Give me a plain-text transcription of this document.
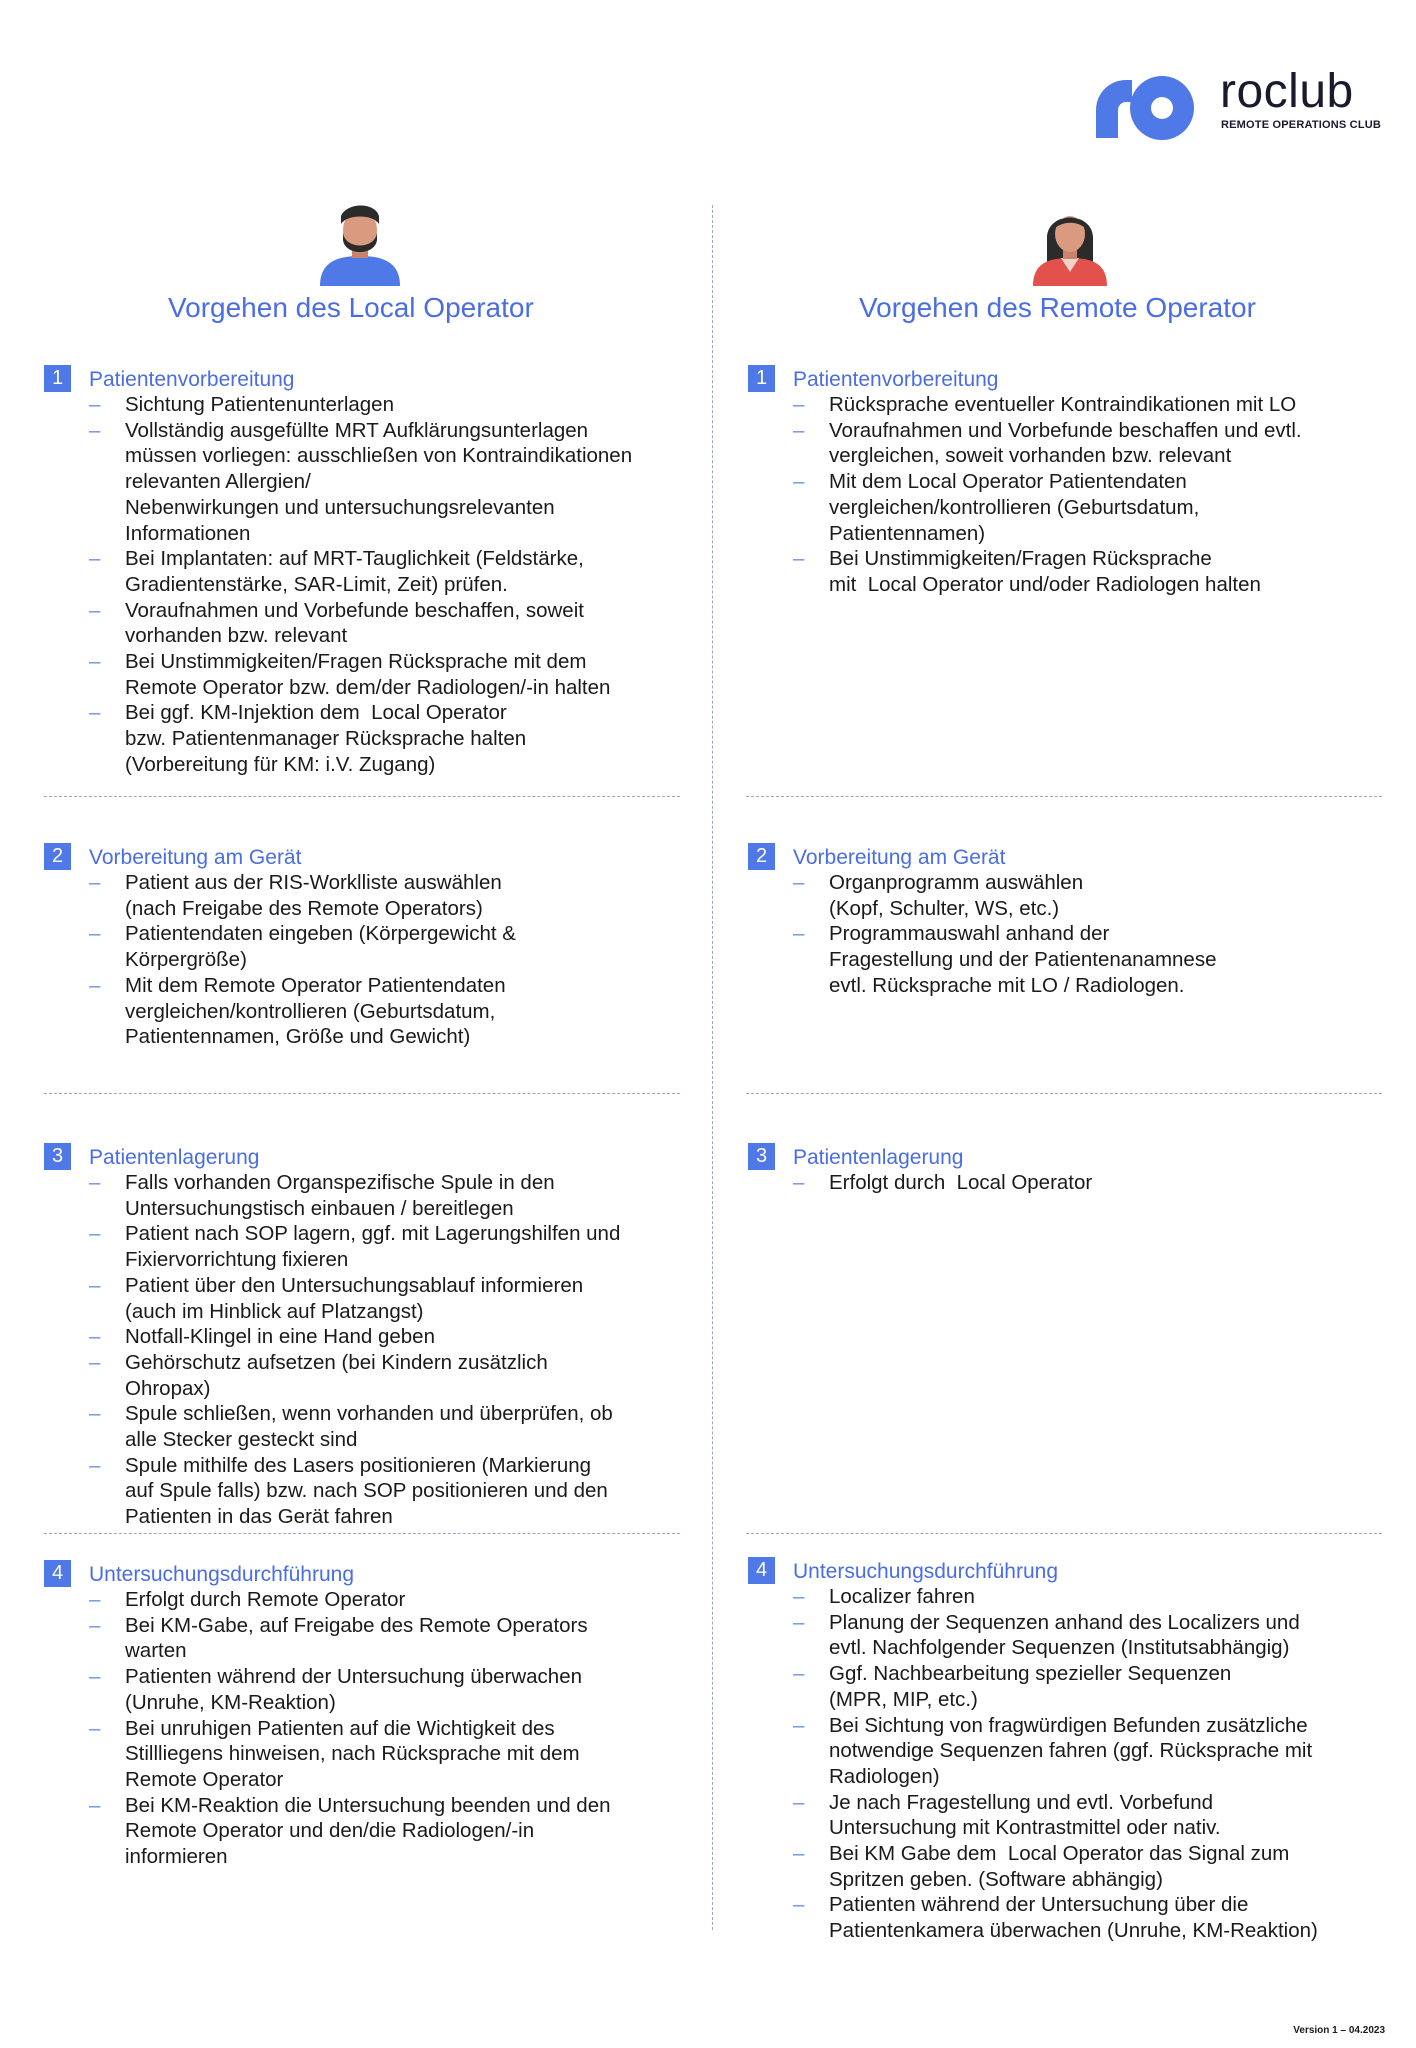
roclub
REMOTE OPERATIONS CLUB
Vorgehen des Local Operator	Vorgehen des Remote Operator
1	Patientenvorbereitung
– Sichtung Patientenunterlagen
– Vollständig ausgefüllte MRT Aufklärungsunterlagen
müssen vorliegen: ausschließen von Kontraindikationen
relevanten Allergien/
Nebenwirkungen und untersuchungsrelevanten
Informationen
– Bei Implantaten: auf MRT-Tauglichkeit (Feldstärke,
Gradientenstärke, SAR-Limit, Zeit) prüfen.
– Voraufnahmen und Vorbefunde beschaffen, soweit
vorhanden bzw. relevant
– Bei Unstimmigkeiten/Fragen Rücksprache mit dem
Remote Operator bzw. dem/der Radiologen/-in halten
– Bei ggf. KM-Injektion dem  Local Operator
bzw. Patientenmanager Rücksprache halten
(Vorbereitung für KM: i.V. Zugang)
2	Vorbereitung am Gerät
– Patient aus der RIS-Worklliste auswählen
(nach Freigabe des Remote Operators)
– Patientendaten eingeben (Körpergewicht &
Körpergröße)
– Mit dem Remote Operator Patientendaten
vergleichen/kontrollieren (Geburtsdatum,
Patientennamen, Größe und Gewicht)
3	Patientenlagerung
– Falls vorhanden Organspezifische Spule in den
Untersuchungstisch einbauen / bereitlegen
– Patient nach SOP lagern, ggf. mit Lagerungshilfen und
Fixiervorrichtung fixieren
– Patient über den Untersuchungsablauf informieren
(auch im Hinblick auf Platzangst)
– Notfall-Klingel in eine Hand geben
– Gehörschutz aufsetzen (bei Kindern zusätzlich
Ohropax)
– Spule schließen, wenn vorhanden und überprüfen, ob
alle Stecker gesteckt sind
– Spule mithilfe des Lasers positionieren (Markierung
auf Spule falls) bzw. nach SOP positionieren und den
Patienten in das Gerät fahren
4	Untersuchungsdurchführung
– Erfolgt durch Remote Operator
– Bei KM-Gabe, auf Freigabe des Remote Operators
warten
– Patienten während der Untersuchung überwachen
(Unruhe, KM-Reaktion)
– Bei unruhigen Patienten auf die Wichtigkeit des
Stillliegens hinweisen, nach Rücksprache mit dem
Remote Operator
– Bei KM-Reaktion die Untersuchung beenden und den
Remote Operator und den/die Radiologen/-in
informieren
1	Patientenvorbereitung
– Rücksprache eventueller Kontraindikationen mit LO
– Voraufnahmen und Vorbefunde beschaffen und evtl.
vergleichen, soweit vorhanden bzw. relevant
– Mit dem Local Operator Patientendaten
vergleichen/kontrollieren (Geburtsdatum,
Patientennamen)
– Bei Unstimmigkeiten/Fragen Rücksprache
mit  Local Operator und/oder Radiologen halten
2	Vorbereitung am Gerät
– Organprogramm auswählen
(Kopf, Schulter, WS, etc.)
– Programmauswahl anhand der
Fragestellung und der Patientenanamnese
evtl. Rücksprache mit LO / Radiologen.
3	Patientenlagerung
– Erfolgt durch  Local Operator
4	Untersuchungsdurchführung
– Localizer fahren
– Planung der Sequenzen anhand des Localizers und
evtl. Nachfolgender Sequenzen (Institutsabhängig)
– Ggf. Nachbearbeitung spezieller Sequenzen
(MPR, MIP, etc.)
– Bei Sichtung von fragwürdigen Befunden zusätzliche
notwendige Sequenzen fahren (ggf. Rücksprache mit
Radiologen)
– Je nach Fragestellung und evtl. Vorbefund
Untersuchung mit Kontrastmittel oder nativ.
– Bei KM Gabe dem  Local Operator das Signal zum
Spritzen geben. (Software abhängig)
– Patienten während der Untersuchung über die
Patientenkamera überwachen (Unruhe, KM-Reaktion)
Version 1 – 04.2023
